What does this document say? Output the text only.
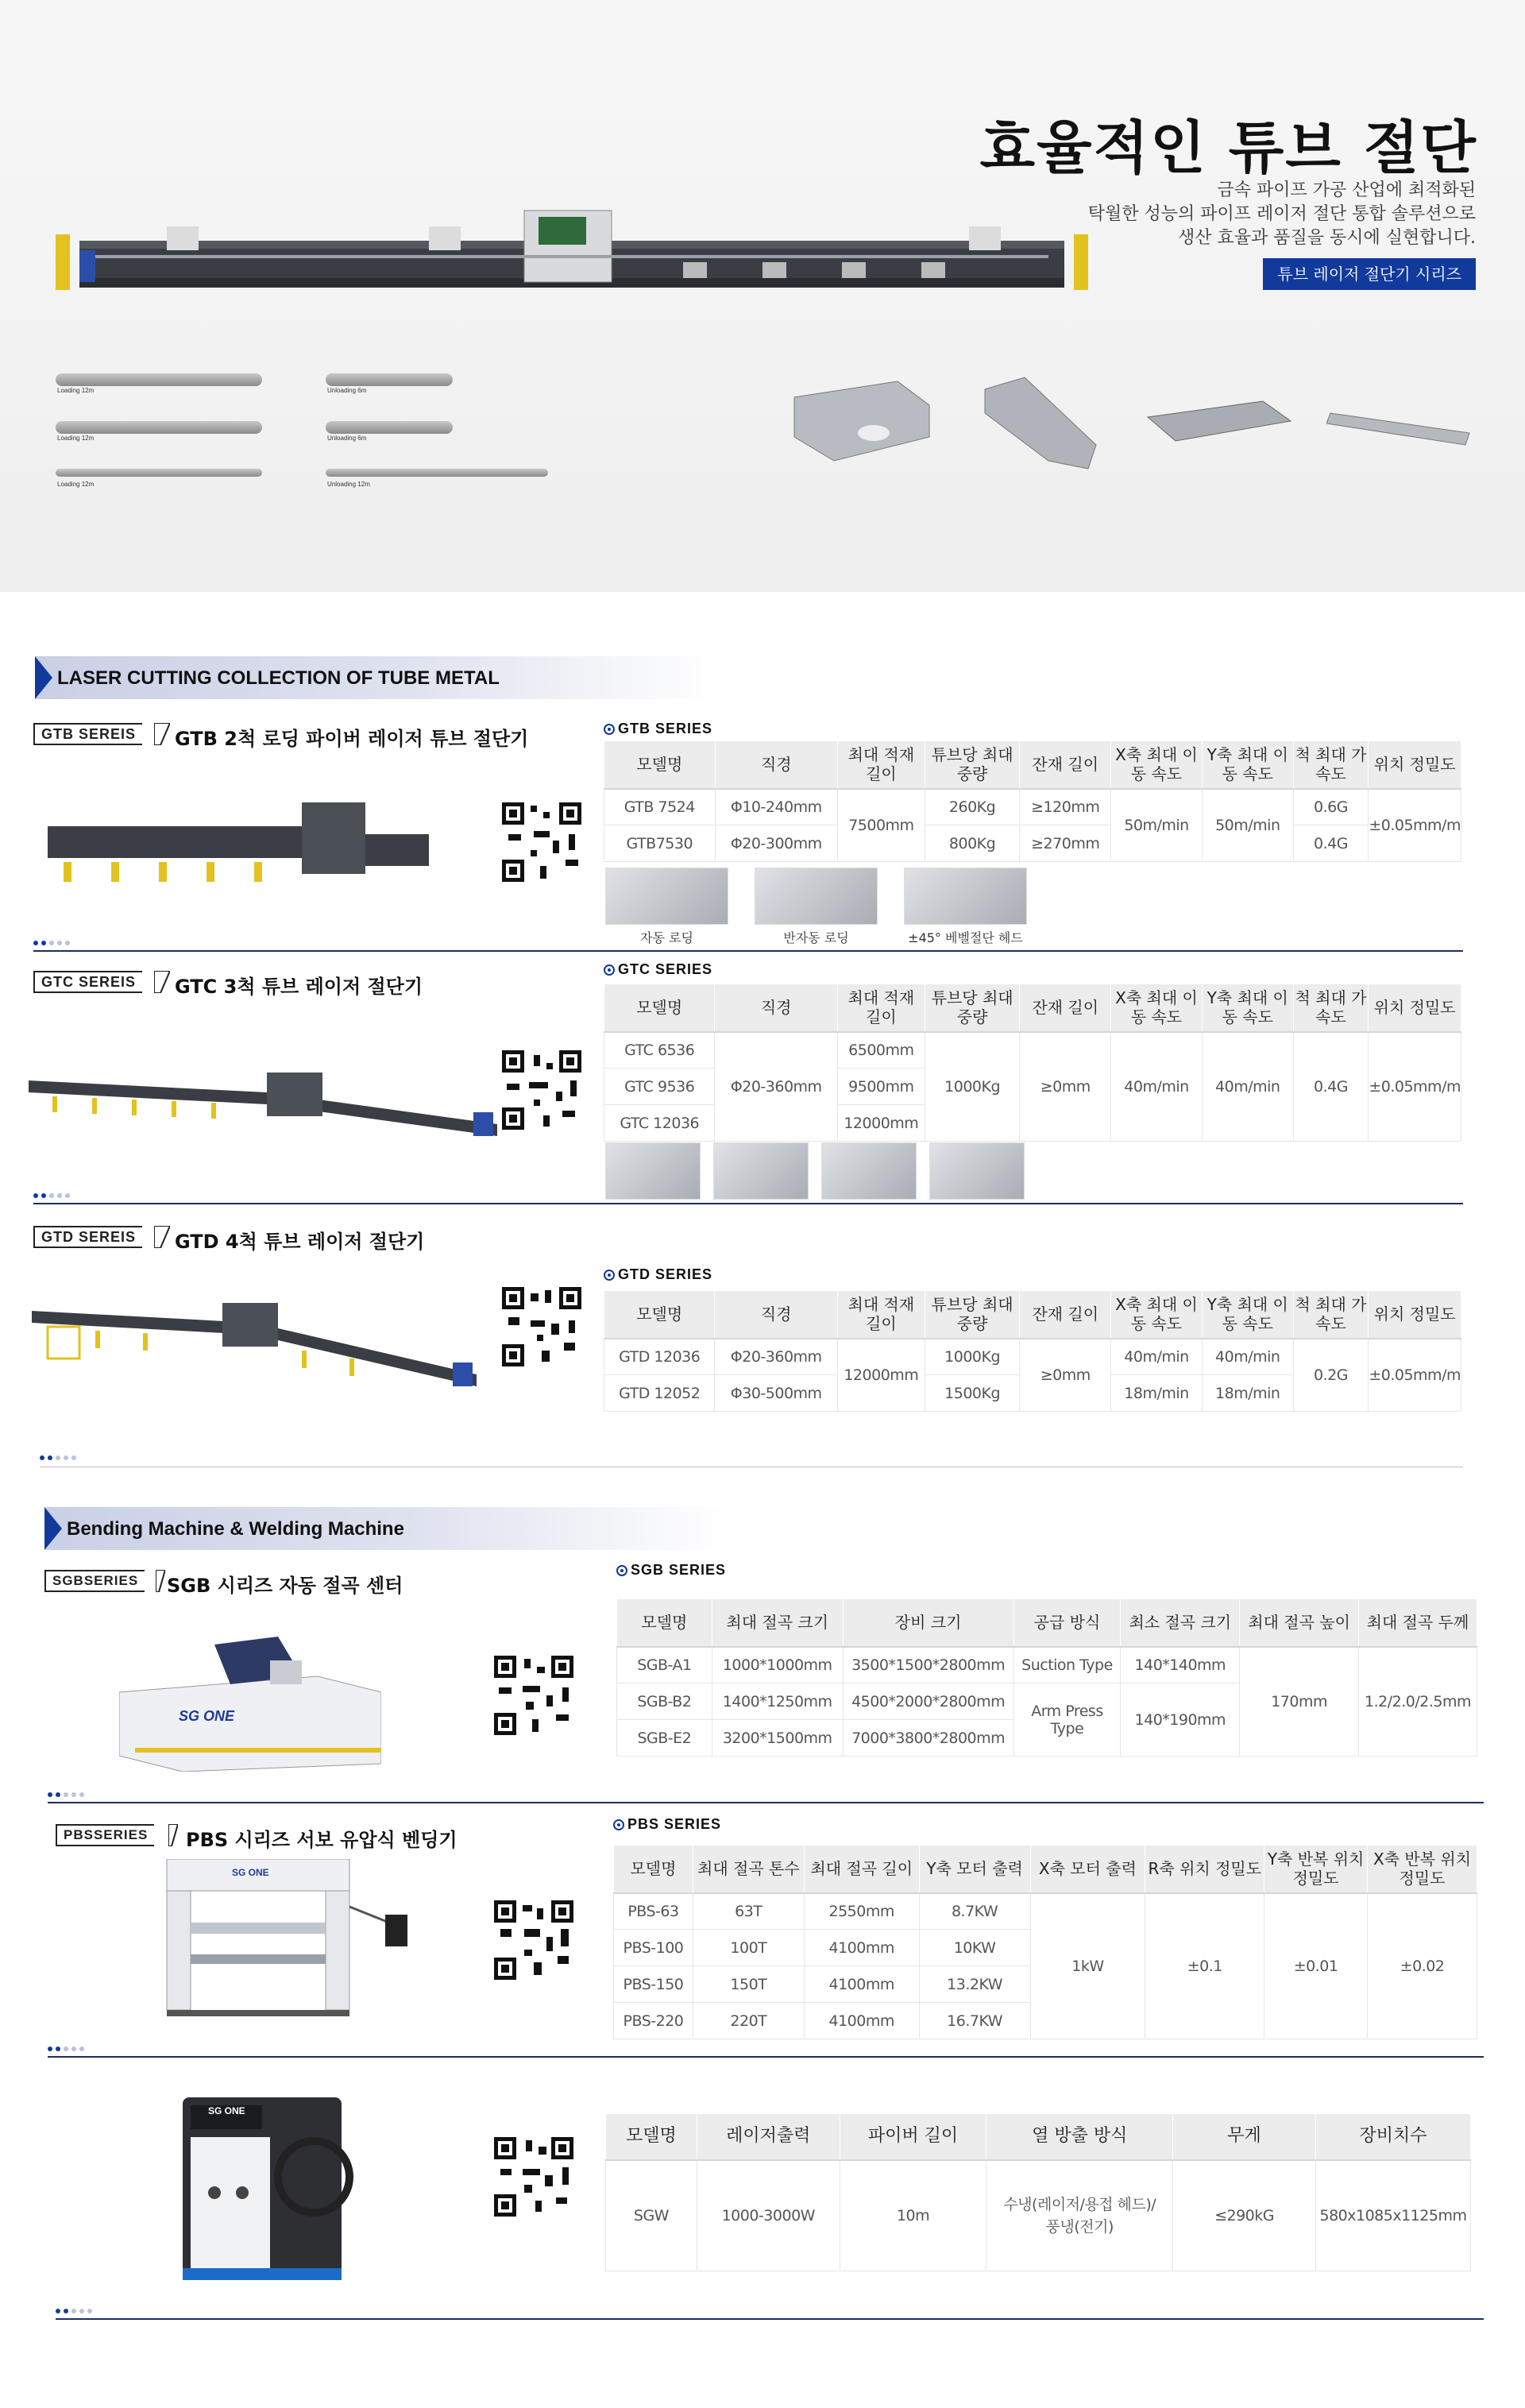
효율적인 튜브 절단
금속 파이프 가공 산업에 최적화된
탁월한 성능의 파이프 레이저 절단 통합 솔루션으로
생산 효율과 품질을 동시에 실현합니다.
튜브 레이저 절단기 시리즈
Loading 12m	Unloading 6m
Loading 12m	Unloading 6m
Loading 12m	Unloading 12m
LASER CUTTING COLLECTION OF TUBE METAL
GTB SEREIS	GTB 2척 로딩 파이버 레이저 튜브 절단기	GTB SERIES
모델명	직경	최대 적재 길이	튜브당 최대 중량	잔재 길이	X축 최대 이동 속도	Y축 최대 이동 속도	척 최대 가속도	위치 정밀도
GTB 7524	Φ10-240mm	7500mm	260Kg	≥120mm	50m/min	50m/min	0.6G	±0.05mm/m
GTB7530	Φ20-300mm		800Kg	≥270mm			0.4G	
자동 로딩	반자동 로딩	±45° 베벨절단 헤드
GTC SEREIS	GTC 3척 튜브 레이저 절단기
GTC SERIES
모델명	직경	최대 적재 길이	튜브당 최대 중량	잔재 길이	X축 최대 이동 속도	Y축 최대 이동 속도	척 최대 가속도	위치 정밀도
GTC 6536	Φ20-360mm	6500mm	1000Kg	≥0mm	40m/min	40m/min	0.4G	±0.05mm/m
GTC 9536		9500mm						
GTC 12036		12000mm						
GTD SEREIS	GTD 4척 튜브 레이저 절단기
GTD SERIES
모델명	직경	최대 적재 길이	튜브당 최대 중량	잔재 길이	X축 최대 이동 속도	Y축 최대 이동 속도	척 최대 가속도	위치 정밀도
GTD 12036	Φ20-360mm	12000mm	1000Kg	≥0mm	40m/min	40m/min	0.2G	±0.05mm/m
GTD 12052	Φ30-500mm		1500Kg		18m/min	18m/min		
Bending Machine & Welding Machine
SGBSERIES	SGB 시리즈 자동 절곡 센터
SG ONE
SGB SERIES
모델명	최대 절곡 크기	장비 크기	공급 방식	최소 절곡 크기	최대 절곡 높이	최대 절곡 두께
SGB-A1	1000*1000mm	3500*1500*2800mm	Suction Type	140*140mm	170mm	1.2/2.0/2.5mm
SGB-B2	1400*1250mm	4500*2000*2800mm	Arm Press Type	140*190mm		
SGB-E2	3200*1500mm	7000*3800*2800mm				
PBSSERIES	PBS 시리즈 서보 유압식 벤딩기
SG ONE
PBS SERIES
모델명	최대 절곡 톤수	최대 절곡 길이	Y축 모터 출력	X축 모터 출력	R축 위치 정밀도	Y축 반복 위치 정밀도	X축 반복 위치 정밀도
PBS-63	63T	2550mm	8.7KW	1kW	±0.1	±0.01	±0.02
PBS-100	100T	4100mm	10KW				
PBS-150	150T	4100mm	13.2KW				
PBS-220	220T	4100mm	16.7KW				
SG ONE
모델명	레이저출력	파이버 길이	열 방출 방식	무게	장비치수
SGW	1000-3000W	10m	수냉(레이저/용접 헤드)/ 풍냉(전기)	≤290kG	580x1085x1125mm
